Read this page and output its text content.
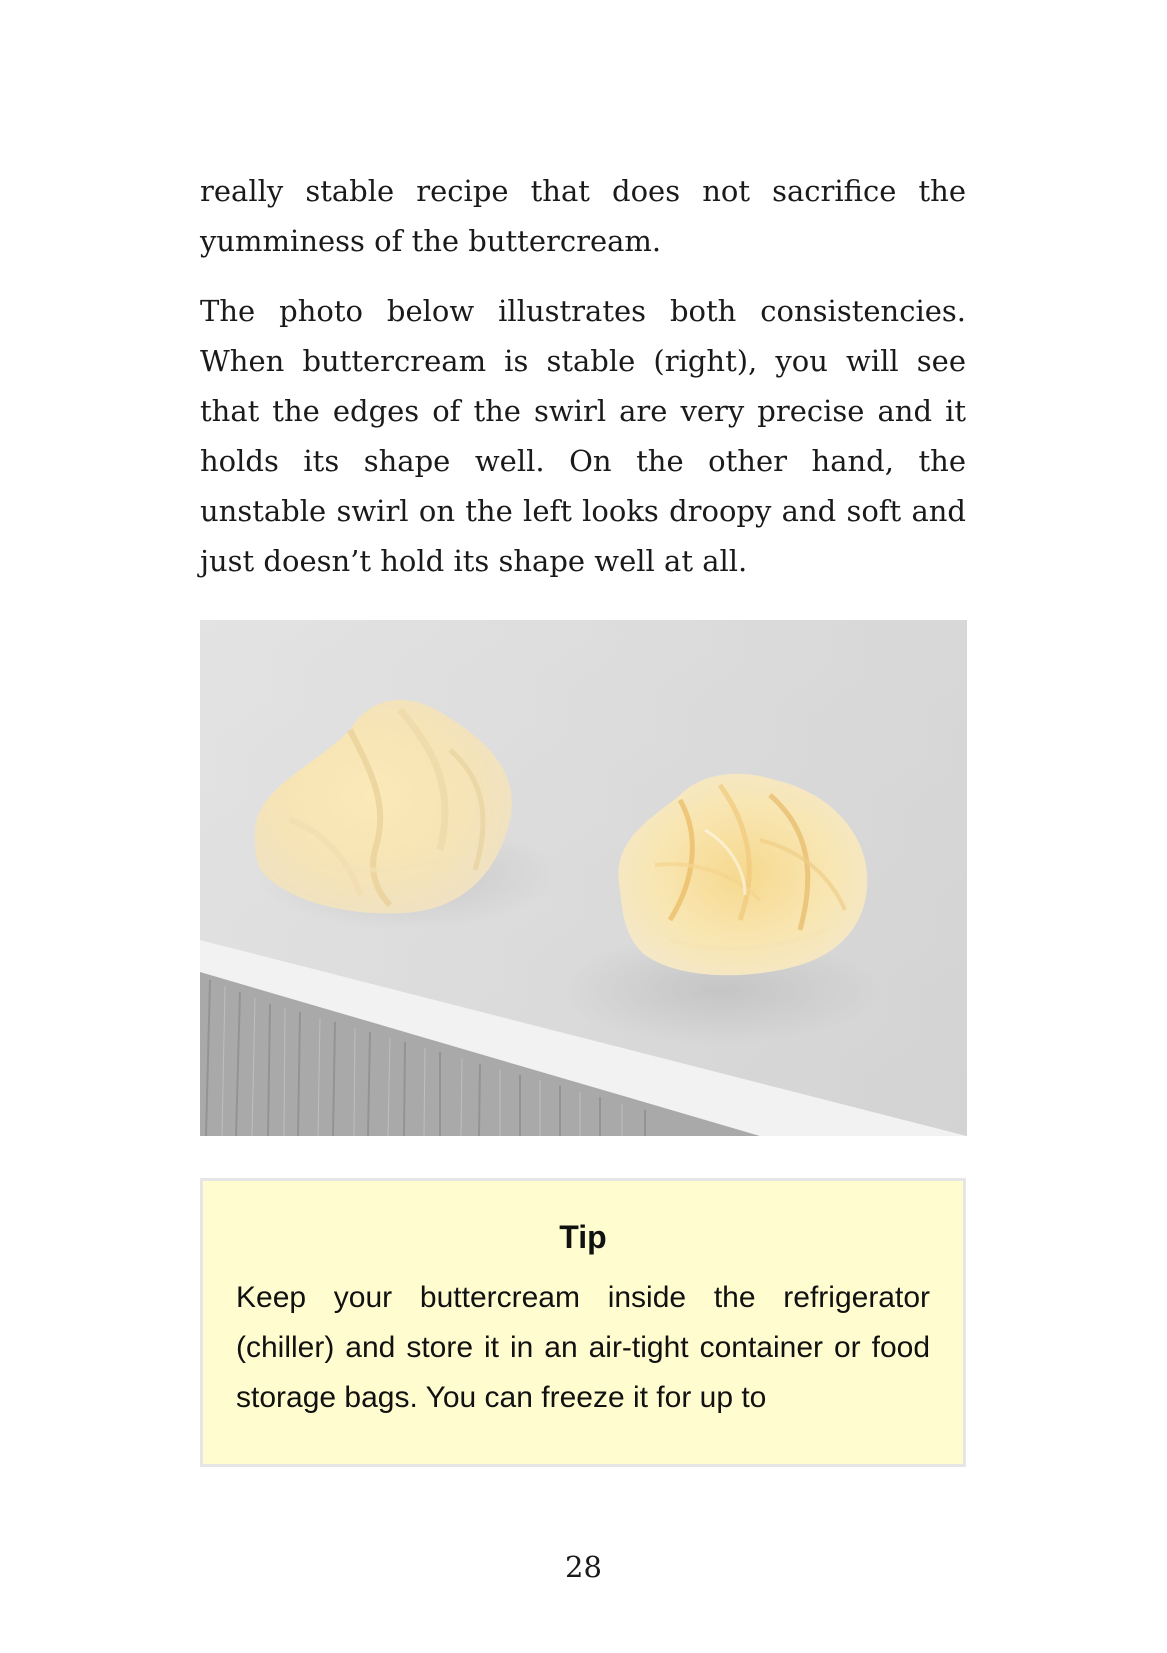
really stable recipe that does not sacrifice the yumminess of the buttercream.

The photo below illustrates both consistencies. When buttercream is stable (right), you will see that the edges of the swirl are very precise and it holds its shape well. On the other hand, the unstable swirl on the left looks droopy and soft and just doesn’t hold its shape well at all.

Tip

Keep your buttercream inside the refrigerator (chiller) and store it in an air-tight container or food storage bags. You can freeze it for up to

28
